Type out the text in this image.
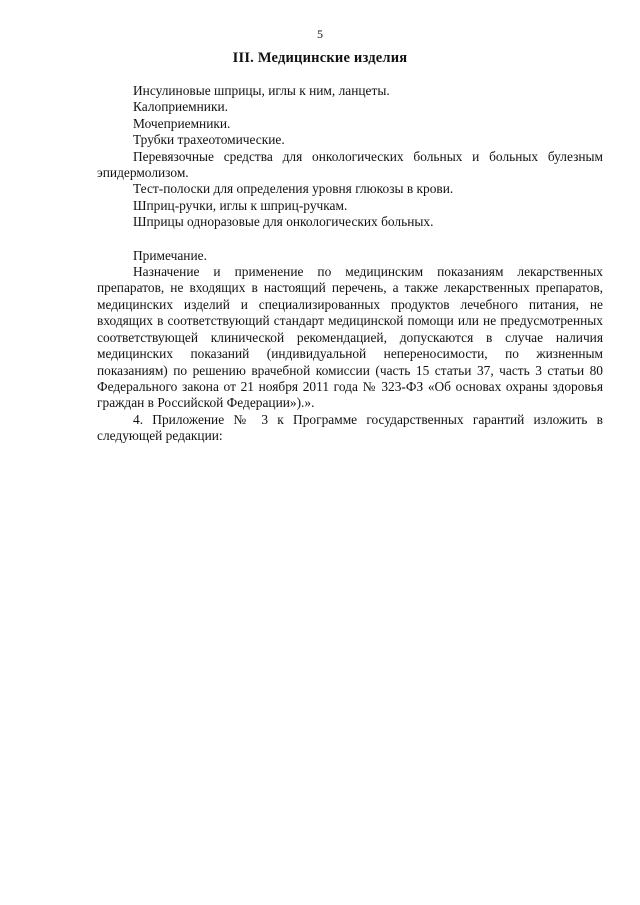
5
III. Медицинские изделия

Инсулиновые шприцы, иглы к ним, ланцеты.

Калоприемники.

Мочеприемники.

Трубки трахеотомические.

Перевязочные средства для онкологических больных и больных булезным эпидермолизом.

Тест-полоски для определения уровня глюкозы в крови.

Шприц-ручки, иглы к шприц-ручкам.

Шприцы одноразовые для онкологических больных.

Примечание.

Назначение и применение по медицинским показаниям лекарственных препаратов, не входящих в настоящий перечень, а также лекарственных препаратов, медицинских изделий и специализированных продуктов лечебного питания, не входящих в соответствующий стандарт медицинской помощи или не предусмотренных соответствующей клинической рекомендацией, допускаются в случае наличия медицинских показаний (индивидуальной непереносимости, по жизненным показаниям) по решению врачебной комиссии (часть 15 статьи 37, часть 3 статьи 80 Федерального закона от 21 ноября 2011 года № 323-ФЗ «Об основах охраны здоровья граждан в Российской Федерации»).».

4. Приложение № 3 к Программе государственных гарантий изложить в следующей редакции:
